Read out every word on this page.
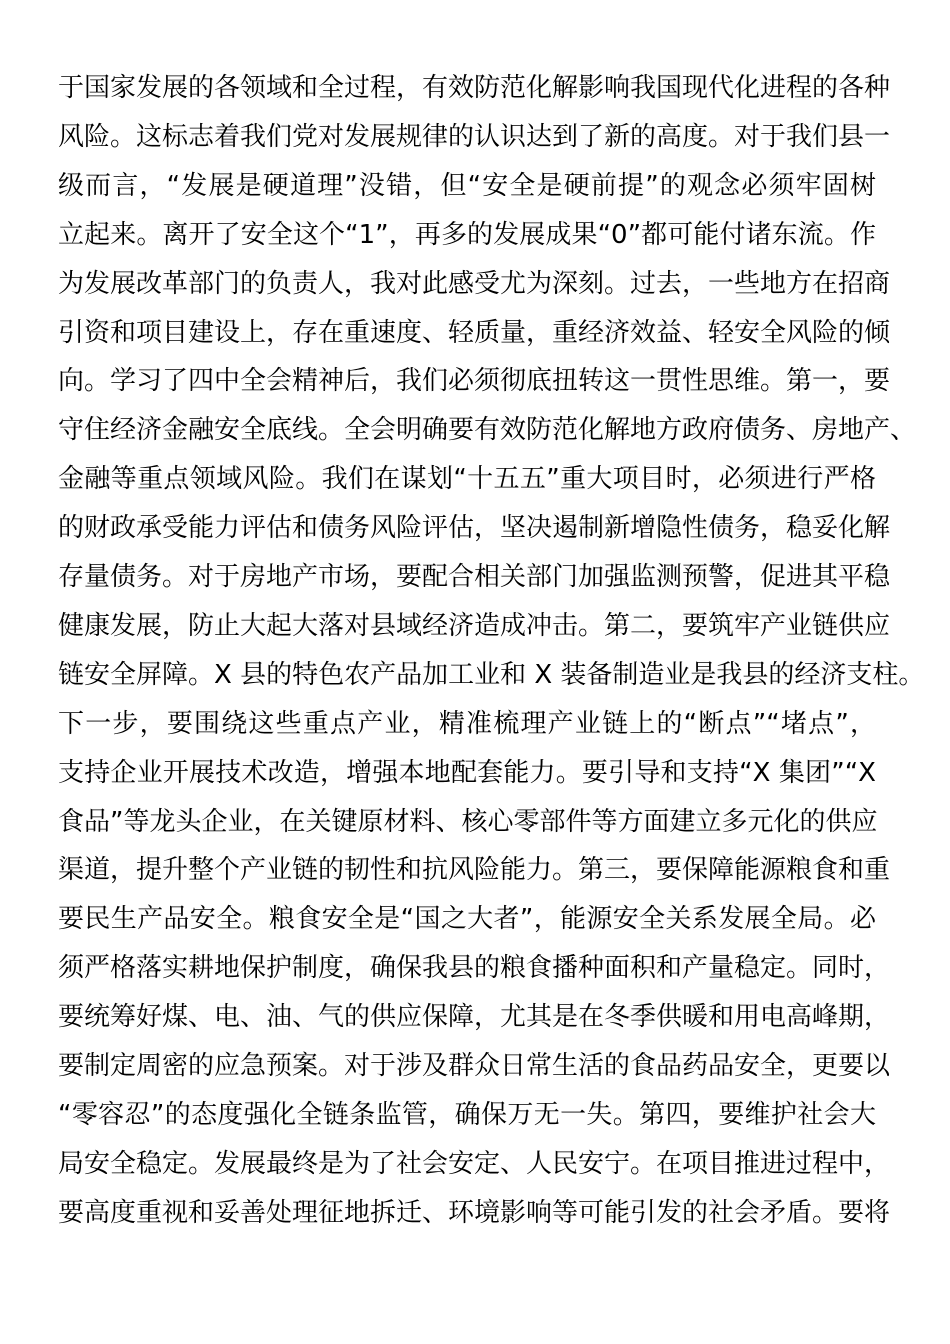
于国家发展的各领域和全过程，有效防范化解影响我国现代化进程的各种
风险。这标志着我们党对发展规律的认识达到了新的高度。对于我们县一
级而言，“发展是硬道理”没错，但“安全是硬前提”的观念必须牢固树
立起来。离开了安全这个“1”，再多的发展成果“0”都可能付诸东流。作
为发展改革部门的负责人，我对此感受尤为深刻。过去，一些地方在招商
引资和项目建设上，存在重速度、轻质量，重经济效益、轻安全风险的倾
向。学习了四中全会精神后，我们必须彻底扭转这一贯性思维。第一，要
守住经济金融安全底线。全会明确要有效防范化解地方政府债务、房地产、
金融等重点领域风险。我们在谋划“十五五”重大项目时，必须进行严格
的财政承受能力评估和债务风险评估，坚决遏制新增隐性债务，稳妥化解
存量债务。对于房地产市场，要配合相关部门加强监测预警，促进其平稳
健康发展，防止大起大落对县域经济造成冲击。第二，要筑牢产业链供应
链安全屏障。X 县的特色农产品加工业和 X 装备制造业是我县的经济支柱。
下一步，要围绕这些重点产业，精准梳理产业链上的“断点”“堵点”，
支持企业开展技术改造，增强本地配套能力。要引导和支持“X 集团”“X
食品”等龙头企业，在关键原材料、核心零部件等方面建立多元化的供应
渠道，提升整个产业链的韧性和抗风险能力。第三，要保障能源粮食和重
要民生产品安全。粮食安全是“国之大者”，能源安全关系发展全局。必
须严格落实耕地保护制度，确保我县的粮食播种面积和产量稳定。同时，
要统筹好煤、电、油、气的供应保障，尤其是在冬季供暖和用电高峰期，
要制定周密的应急预案。对于涉及群众日常生活的食品药品安全，更要以
“零容忍”的态度强化全链条监管，确保万无一失。第四，要维护社会大
局安全稳定。发展最终是为了社会安定、人民安宁。在项目推进过程中，
要高度重视和妥善处理征地拆迁、环境影响等可能引发的社会矛盾。要将
